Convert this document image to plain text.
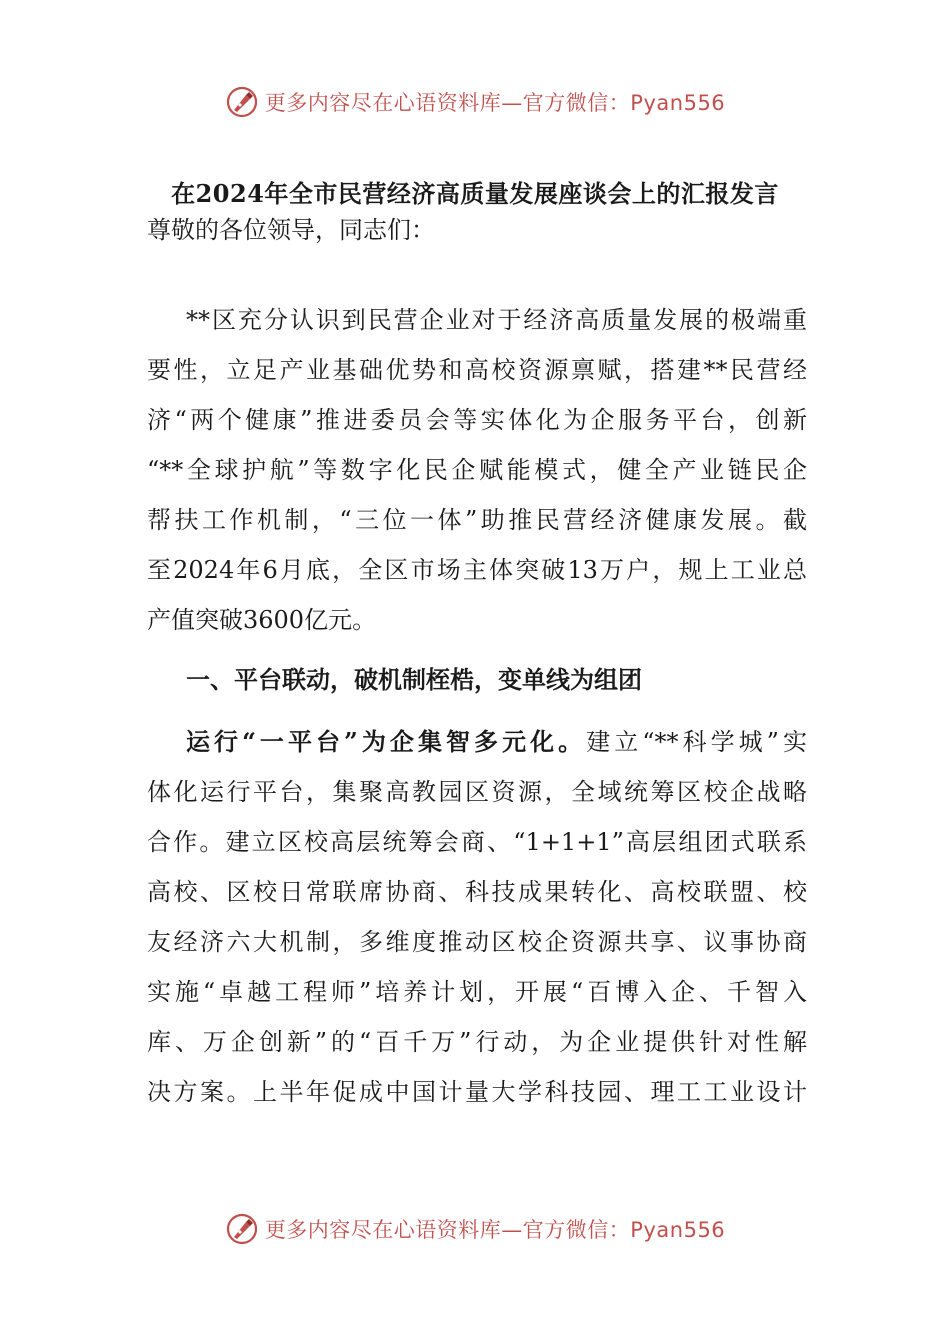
更多内容尽在心语资料库—官方微信：Pyan556
在2024年全市民营经济高质量发展座谈会上的汇报发言
尊敬的各位领导，同志们：
**区充分认识到民营企业对于经济高质量发展的极端重
要性，立足产业基础优势和高校资源禀赋，搭建**民营经
济“两个健康”推进委员会等实体化为企服务平台，创新
“**全球护航”等数字化民企赋能模式，健全产业链民企
帮扶工作机制，“三位一体”助推民营经济健康发展。截
至2024年6月底，全区市场主体突破13万户，规上工业总
产值突破3600亿元。
一、平台联动，破机制桎梏，变单线为组团
运行“一平台”为企集智多元化。建立“**科学城”实
体化运行平台，集聚高教园区资源，全域统筹区校企战略
合作。建立区校高层统筹会商、“1+1+1”高层组团式联系
高校、区校日常联席协商、科技成果转化、高校联盟、校
友经济六大机制，多维度推动区校企资源共享、议事协商
实施“卓越工程师”培养计划，开展“百博入企、千智入
库、万企创新”的“百千万”行动，为企业提供针对性解
决方案。上半年促成中国计量大学科技园、理工工业设计
更多内容尽在心语资料库—官方微信：Pyan556
